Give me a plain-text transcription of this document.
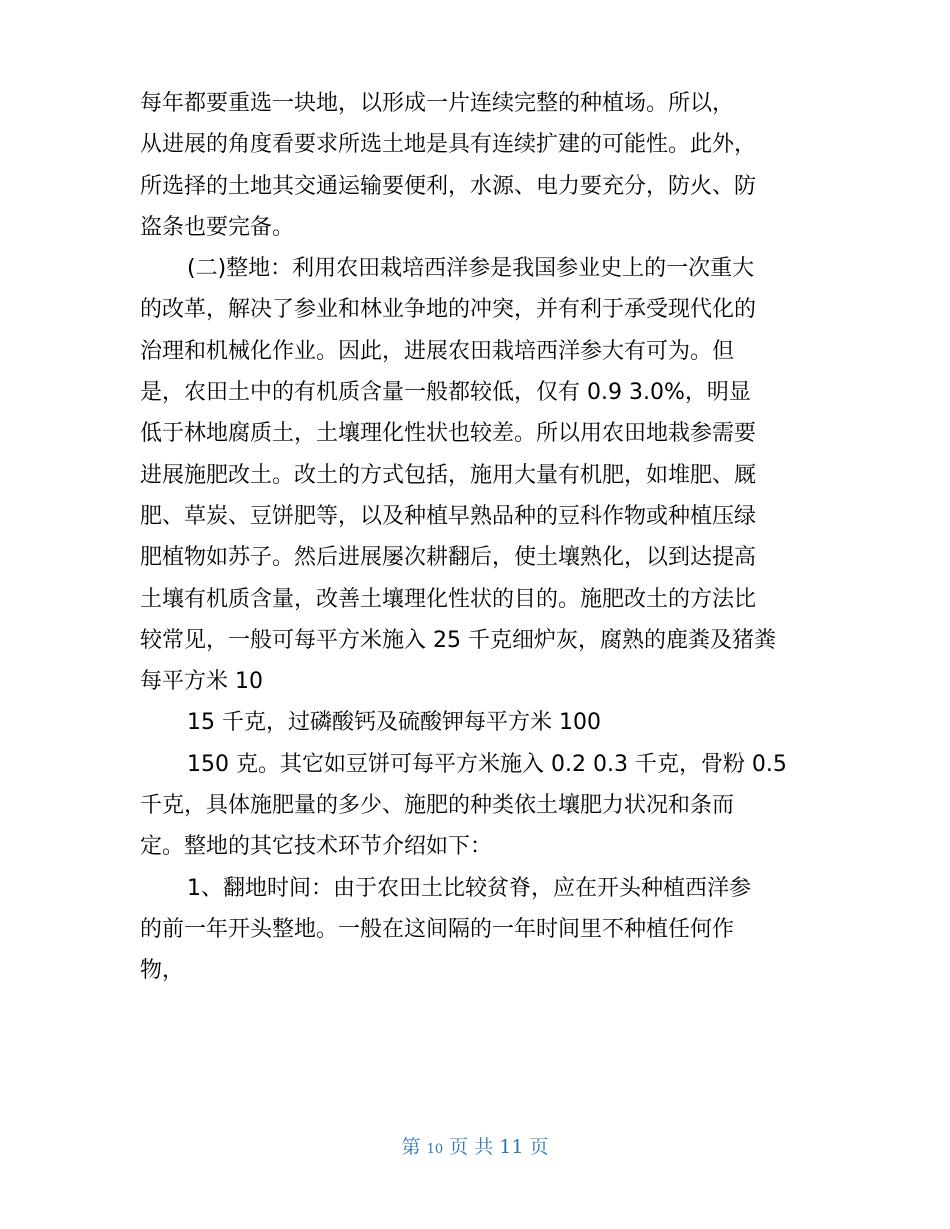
每年都要重选一块地，以形成一片连续完整的种植场。所以，
从进展的角度看要求所选土地是具有连续扩建的可能性。此外，
所选择的土地其交通运输要便利，水源、电力要充分，防火、防
盗条也要完备。
(二)整地：利用农田栽培西洋参是我国参业史上的一次重大
的改革，解决了参业和林业争地的冲突，并有利于承受现代化的
治理和机械化作业。因此，进展农田栽培西洋参大有可为。但
是，农田土中的有机质含量一般都较低，仅有 0.9 3.0%，明显
低于林地腐质土，土壤理化性状也较差。所以用农田地栽参需要
进展施肥改土。改土的方式包括，施用大量有机肥，如堆肥、厩
肥、草炭、豆饼肥等，以及种植早熟品种的豆科作物或种植压绿
肥植物如苏子。然后进展屡次耕翻后，使土壤熟化，以到达提高
土壤有机质含量，改善土壤理化性状的目的。施肥改土的方法比
较常见，一般可每平方米施入 25 千克细炉灰，腐熟的鹿粪及猪粪
每平方米 10
15 千克，过磷酸钙及硫酸钾每平方米 100
150 克。其它如豆饼可每平方米施入 0.2 0.3 千克，骨粉 0.5
千克，具体施肥量的多少、施肥的种类依土壤肥力状况和条而
定。整地的其它技术环节介绍如下：
1、翻地时间：由于农田土比较贫脊，应在开头种植西洋参
的前一年开头整地。一般在这间隔的一年时间里不种植任何作
物，
第 10 页 共 11 页
